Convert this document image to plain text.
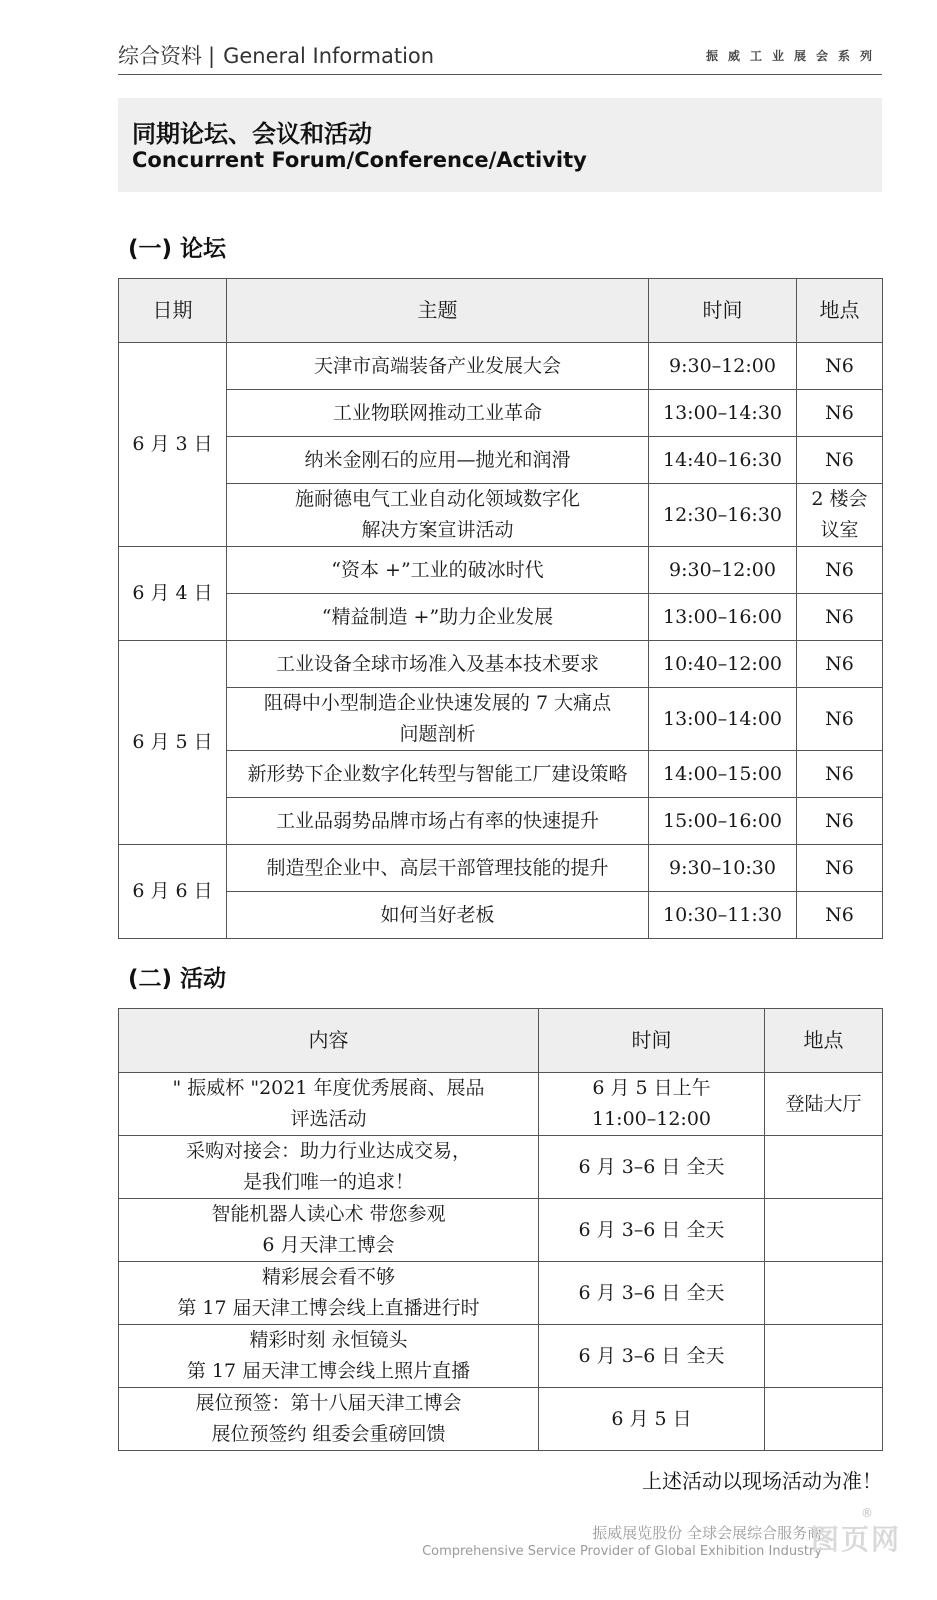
综合资料 | General Information	振威工业展会系列
同期论坛、会议和活动
Concurrent Forum/Conference/Activity
(一) 论坛
日期	主题	时间	地点
6 月 3 日	天津市高端装备产业发展大会	9:30–12:00	N6

	工业物联网推动工业革命	13:00–14:30	N6

	纳米金刚石的应用—抛光和润滑	14:40–16:30	N6

	施耐德电气工业自动化领域数字化
解决方案宣讲活动	12:30–16:30	2 楼会
议室

6 月 4 日	“资本 +”工业的破冰时代	9:30–12:00	N6

	“精益制造 +”助力企业发展	13:00–16:00	N6

6 月 5 日	工业设备全球市场准入及基本技术要求	10:40–12:00	N6

	阻碍中小型制造企业快速发展的 7 大痛点
问题剖析	13:00–14:00	N6

	新形势下企业数字化转型与智能工厂建设策略	14:00–15:00	N6

	工业品弱势品牌市场占有率的快速提升	15:00–16:00	N6

6 月 6 日	制造型企业中、高层干部管理技能的提升	9:30–10:30	N6

	如何当好老板	10:30–11:30	N6
(二) 活动
内容	时间	地点

" 振威杯 "2021 年度优秀展商、展品
评选活动	6 月 5 日上午
11:00–12:00	登陆大厅

采购对接会：助力行业达成交易，
是我们唯一的追求！	6 月 3–6 日 全天	

智能机器人读心术 带您参观
6 月天津工博会	6 月 3–6 日 全天	

精彩展会看不够
第 17 届天津工博会线上直播进行时	6 月 3–6 日 全天	

精彩时刻 永恒镜头
第 17 届天津工博会线上照片直播	6 月 3–6 日 全天	

展位预签：第十八届天津工博会
展位预签约 组委会重磅回馈	6 月 5 日	

上述活动以现场活动为准！
振威展览股份 全球会展综合服务商
Comprehensive Service Provider of Global Exhibition Industry
图页网
®
